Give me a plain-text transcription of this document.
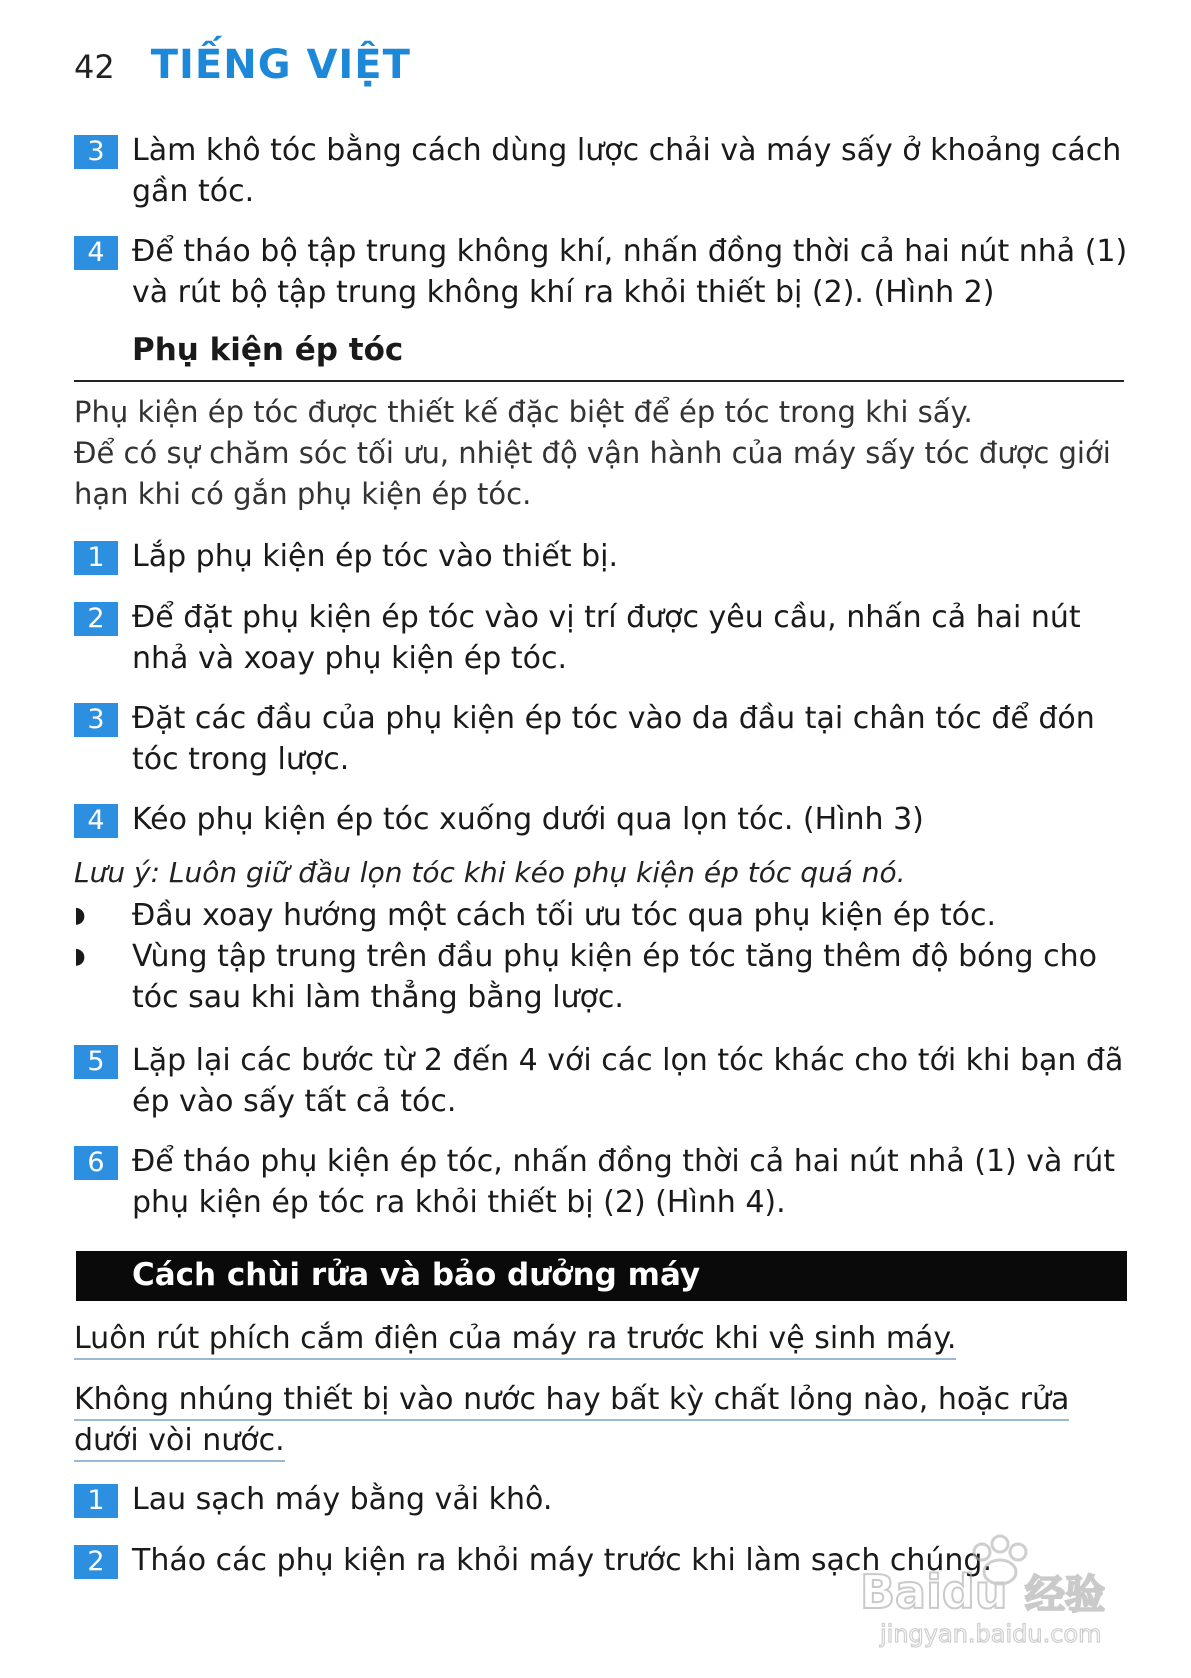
42 TIẾNG VIỆT
3 Làm khô tóc bằng cách dùng lược chải và máy sấy ở khoảng cách gần tóc.
4 Để tháo bộ tập trung không khí, nhấn đồng thời cả hai nút nhả (1) và rút bộ tập trung không khí ra khỏi thiết bị (2). (Hình 2)
Phụ kiện ép tóc

Phụ kiện ép tóc được thiết kế đặc biệt để ép tóc trong khi sấy.

Để có sự chăm sóc tối ưu, nhiệt độ vận hành của máy sấy tóc được giới hạn khi có gắn phụ kiện ép tóc.

1 Lắp phụ kiện ép tóc vào thiết bị.
2 Để đặt phụ kiện ép tóc vào vị trí được yêu cầu, nhấn cả hai nút nhả và xoay phụ kiện ép tóc.
3 Đặt các đầu của phụ kiện ép tóc vào da đầu tại chân tóc để đón tóc trong lược.
4 Kéo phụ kiện ép tóc xuống dưới qua lọn tóc. (Hình 3)
Lưu ý: Luôn giữ đầu lọn tóc khi kéo phụ kiện ép tóc quá nó.
◗ Đầu xoay hướng một cách tối ưu tóc qua phụ kiện ép tóc.
◗ Vùng tập trung trên đầu phụ kiện ép tóc tăng thêm độ bóng cho tóc sau khi làm thẳng bằng lược.
5 Lặp lại các bước từ 2 đến 4 với các lọn tóc khác cho tới khi bạn đã ép vào sấy tất cả tóc.
6 Để tháo phụ kiện ép tóc, nhấn đồng thời cả hai nút nhả (1) và rút phụ kiện ép tóc ra khỏi thiết bị (2) (Hình 4).
Cách chùi rửa và bảo dưởng máy
Luôn rút phích cắm điện của máy ra trước khi vệ sinh máy.
Không nhúng thiết bị vào nước hay bất kỳ chất lỏng nào, hoặc rửa dưới vòi nước.
1 Lau sạch máy bằng vải khô.
2 Tháo các phụ kiện ra khỏi máy trước khi làm sạch chúng.
Baidu 经验
jingyan.baidu.com
